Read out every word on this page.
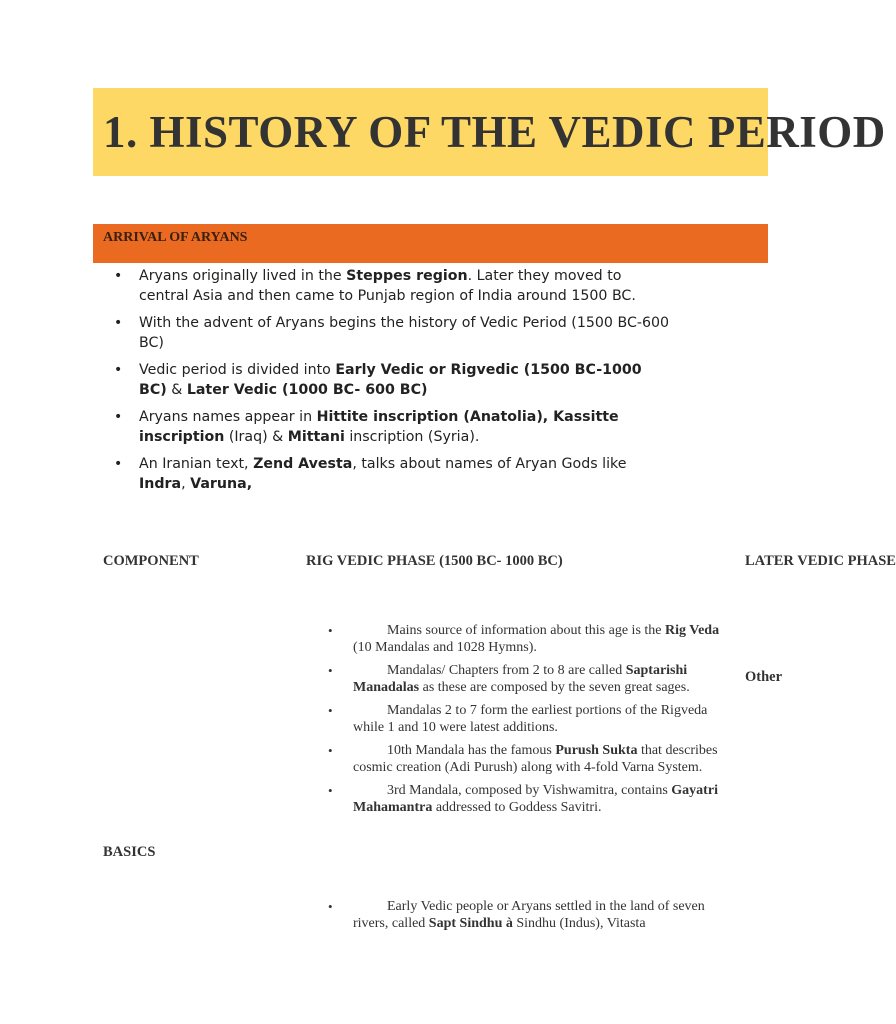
1. HISTORY OF THE VEDIC PERIOD
ARRIVAL OF ARYANS
• Aryans originally lived in the Steppes region. Later they moved to central Asia and then came to Punjab region of India around 1500 BC.
• With the advent of Aryans begins the history of Vedic Period (1500 BC-600 BC)
• Vedic period is divided into Early Vedic or Rigvedic (1500 BC-1000 BC) & Later Vedic (1000 BC- 600 BC)
• Aryans names appear in Hittite inscription (Anatolia), Kassitte inscription (Iraq) & Mittani inscription (Syria).
• An Iranian text, Zend Avesta, talks about names of Aryan Gods like Indra, Varuna,
COMPONENT	RIG VEDIC PHASE (1500 BC- 1000 BC)	LATER VEDIC PHASE
Other
• Mains source of information about this age is the Rig Veda (10 Mandalas and 1028 Hymns).
• Mandalas/ Chapters from 2 to 8 are called Saptarishi Manadalas as these are composed by the seven great sages.
• Mandalas 2 to 7 form the earliest portions of the Rigveda while 1 and 10 were latest additions.
• 10th Mandala has the famous Purush Sukta that describes cosmic creation (Adi Purush) along with 4-fold Varna System.
• 3rd Mandala, composed by Vishwamitra, contains Gayatri Mahamantra addressed to Goddess Savitri.
BASICS
• Early Vedic people or Aryans settled in the land of seven rivers, called Sapt Sindhu à Sindhu (Indus), Vitasta
